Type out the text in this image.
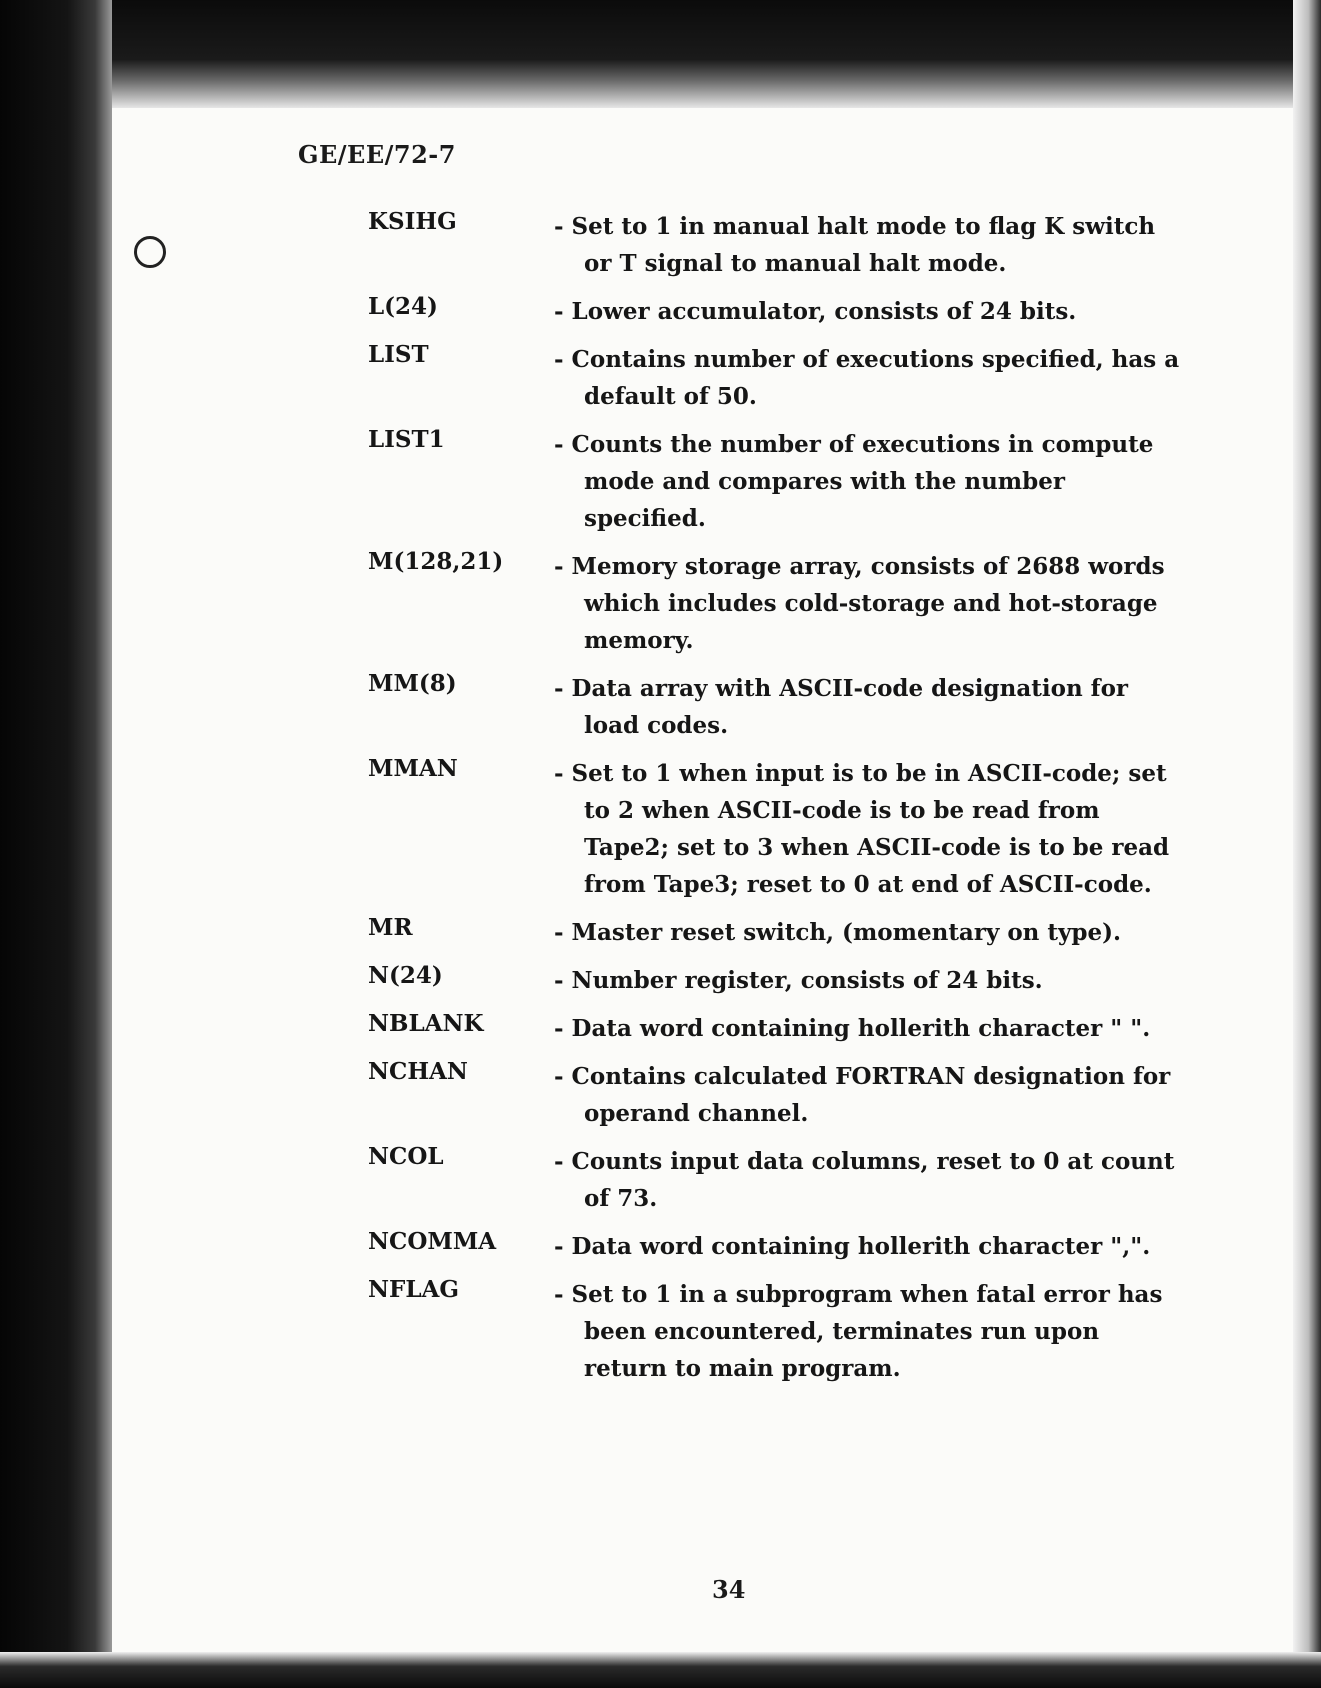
GE/EE/72-7
KSIHG	- Set to 1 in manual halt mode to flag K switch or T signal to manual halt mode.
L(24)	- Lower accumulator, consists of 24 bits.
LIST	- Contains number of executions specified, has a default of 50.
LIST1	- Counts the number of executions in compute mode and compares with the number specified.
M(128,21)	- Memory storage array, consists of 2688 words which includes cold-storage and hot-storage memory.
MM(8)	- Data array with ASCII-code designation for load codes.
MMAN	- Set to 1 when input is to be in ASCII-code; set to 2 when ASCII-code is to be read from Tape2; set to 3 when ASCII-code is to be read from Tape3; reset to 0 at end of ASCII-code.
MR	- Master reset switch, (momentary on type).
N(24)	- Number register, consists of 24 bits.
NBLANK	- Data word containing hollerith character " ".
NCHAN	- Contains calculated FORTRAN designation for operand channel.
NCOL	- Counts input data columns, reset to 0 at count of 73.
NCOMMA	- Data word containing hollerith character ",".
NFLAG	- Set to 1 in a subprogram when fatal error has been encountered, terminates run upon return to main program.
34
